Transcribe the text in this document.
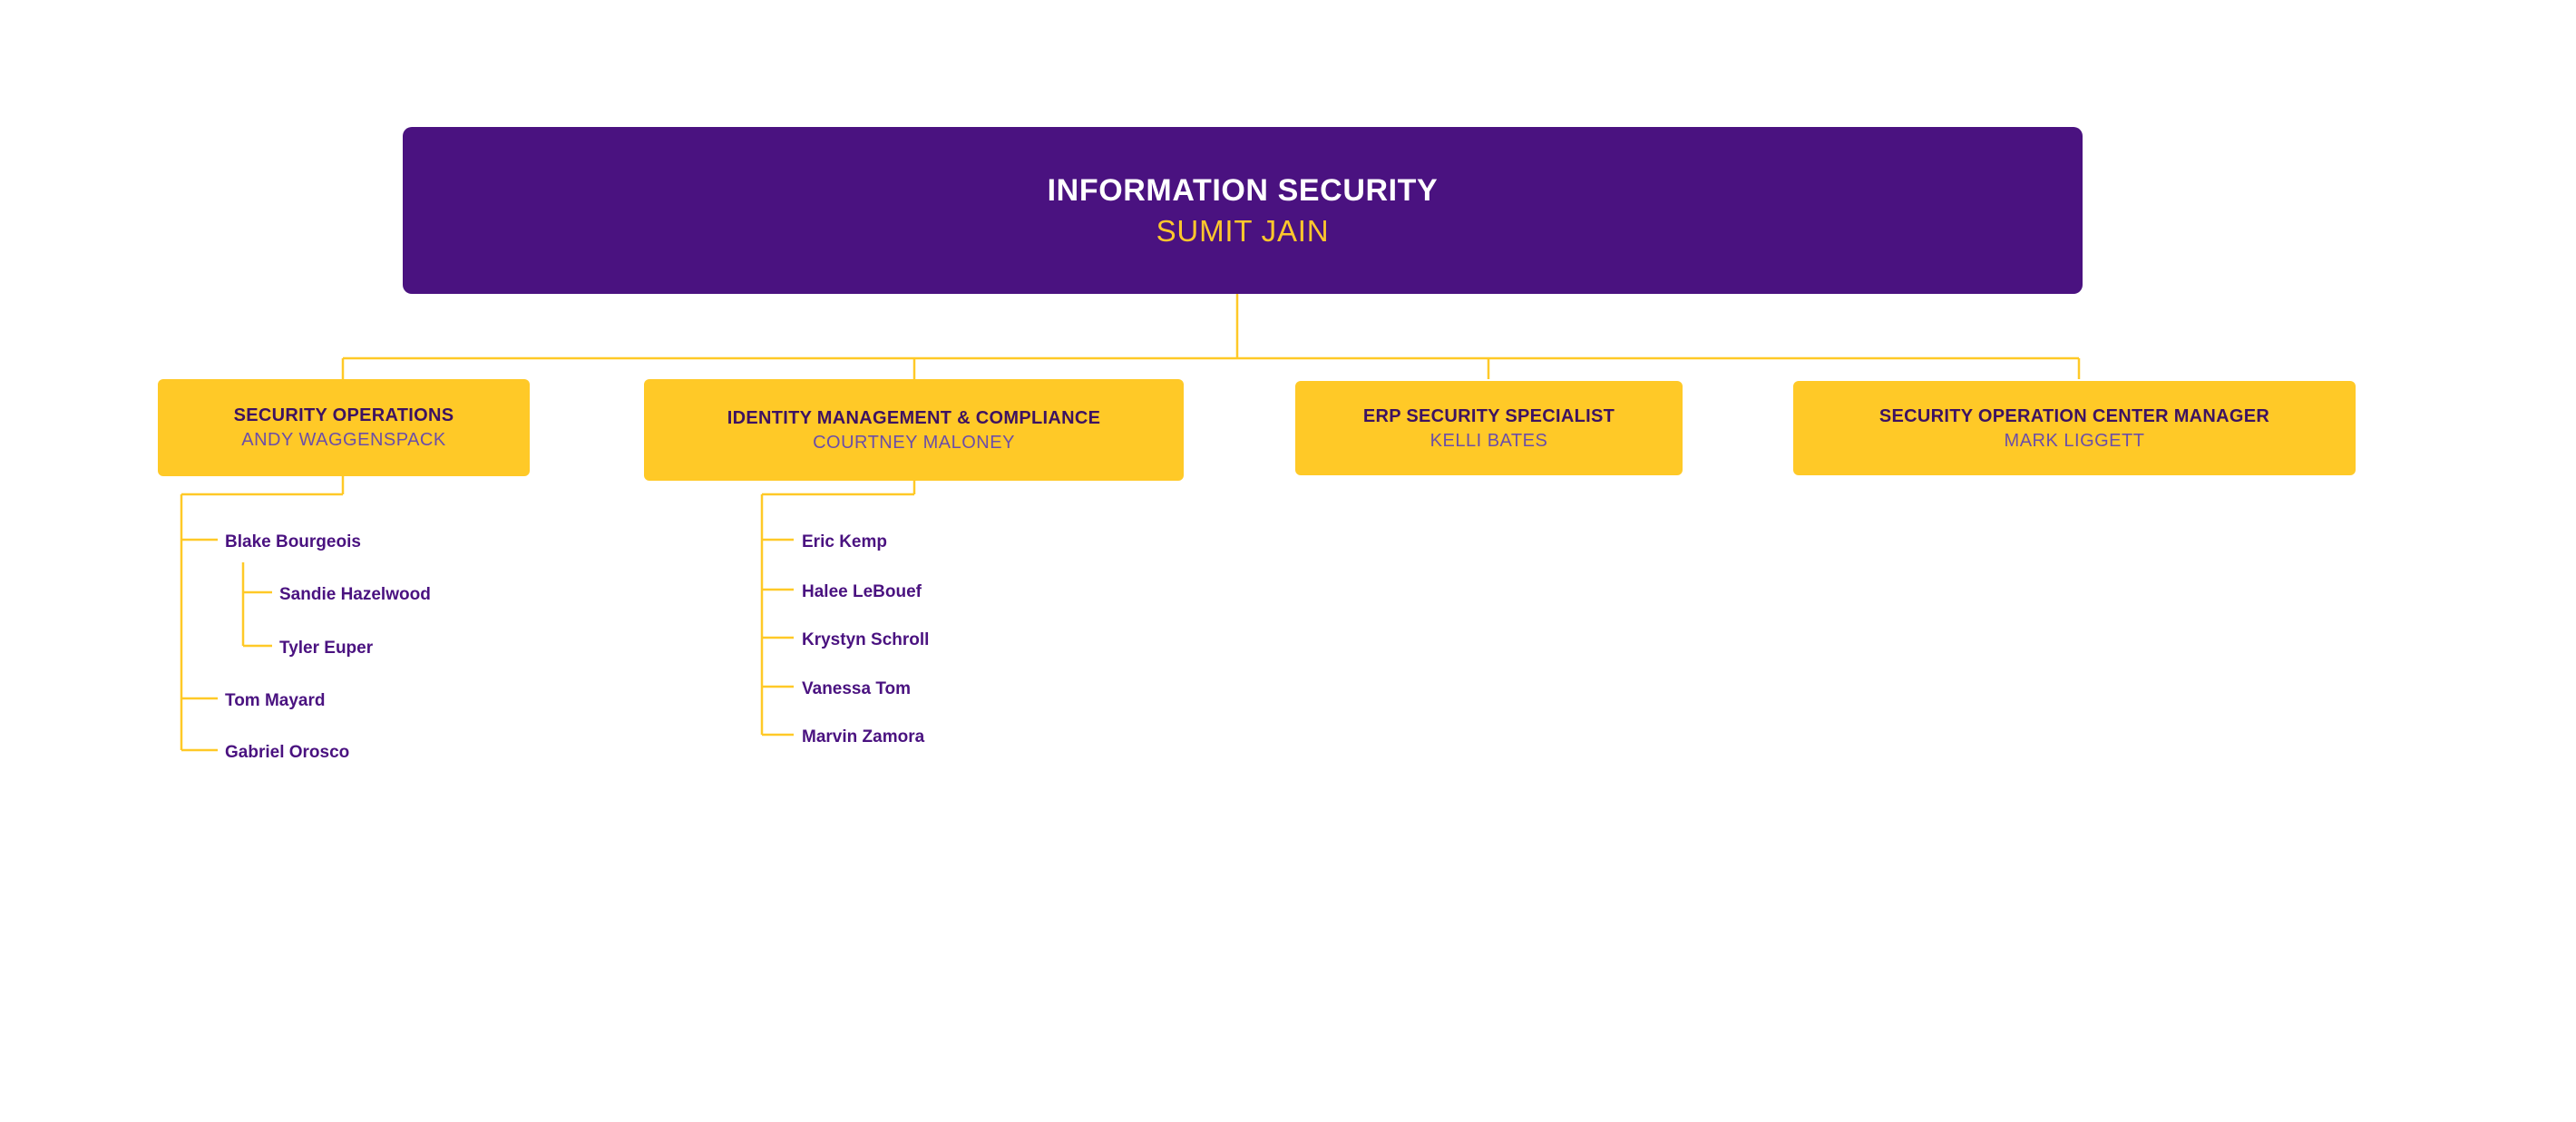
INFORMATION SECURITY
SUMIT JAIN
SECURITY OPERATIONS
ANDY WAGGENSPACK
IDENTITY MANAGEMENT & COMPLIANCE
COURTNEY MALONEY
ERP SECURITY SPECIALIST
KELLI BATES
SECURITY OPERATION CENTER MANAGER
MARK LIGGETT
Blake Bourgeois
Sandie Hazelwood
Tyler Euper
Tom Mayard
Gabriel Orosco
Eric Kemp
Halee LeBouef
Krystyn Schroll
Vanessa Tom
Marvin Zamora
